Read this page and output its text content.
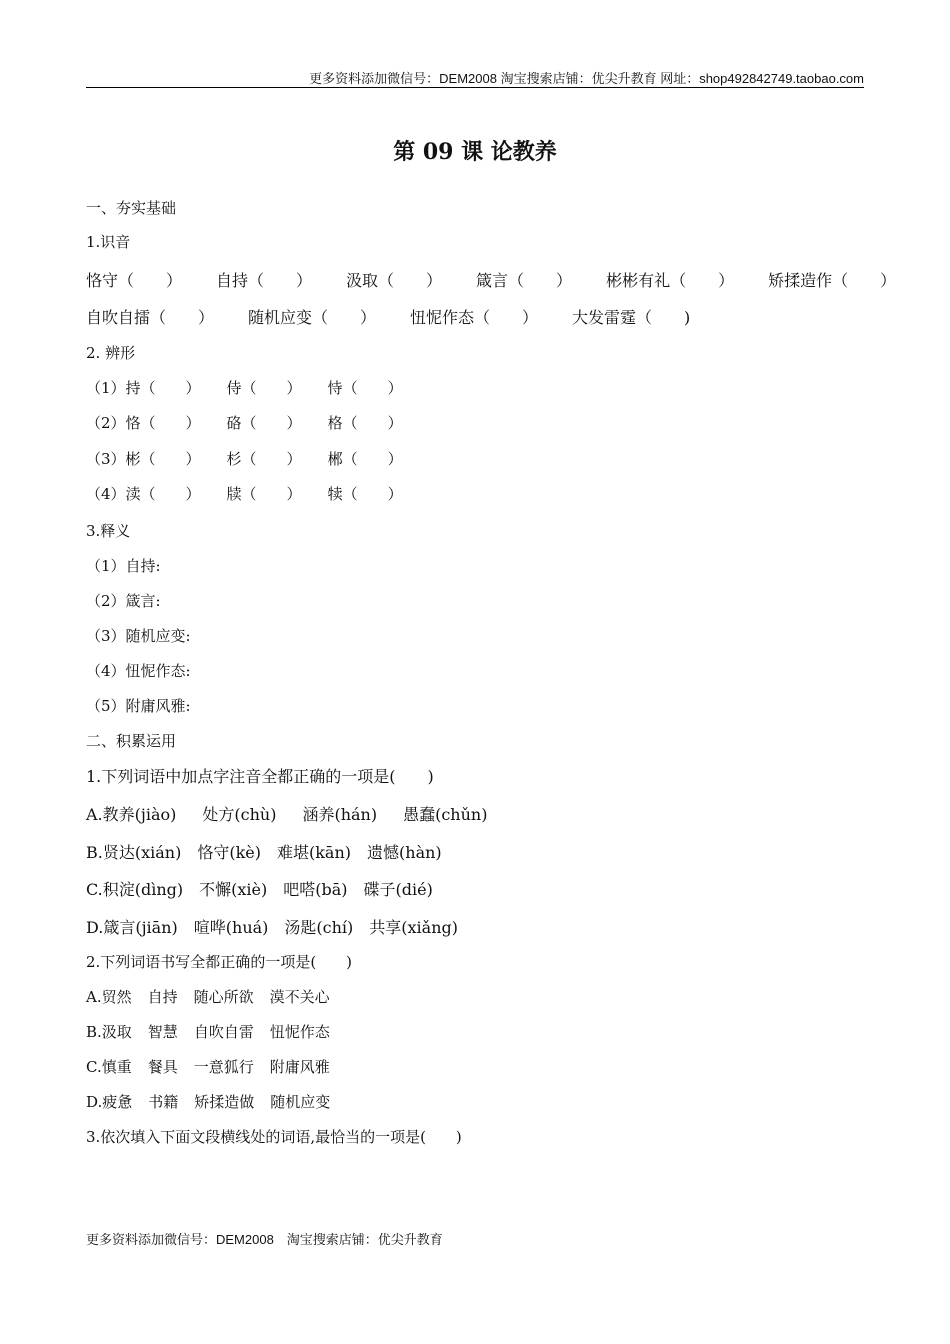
更多资料添加微信号：DEM2008 淘宝搜索店铺：优尖升教育 网址：shop492842749.taobao.com
第 09 课 论教养
一、夯实基础
1.识音
恪守（　　） 自持（　　） 汲取（　　） 箴言（　　） 彬彬有礼（　　） 矫揉造作（　　）
自吹自擂（　　） 随机应变（　　） 忸怩作态（　　） 大发雷霆（　　)
2. 辨形
（1）持（　　） 侍（　　） 恃（　　）
（2）恪（　　） 硌（　　） 格（　　）
（3）彬（　　） 杉（　　） 郴（　　）
（4）渎（　　） 牍（　　） 犊（　　）
3.释义
（1）自持:
（2）箴言:
（3）随机应变:
（4）忸怩作态:
（5）附庸风雅:
二、积累运用
1.下列词语中加点字注音全都正确的一项是(　　)
A.教养(jiào) 处方(chù) 涵养(hán) 愚蠢(chǔn)
B.贤达(xián) 恪守(kè) 难堪(kān) 遗憾(hàn)
C.积淀(dìng) 不懈(xiè) 吧嗒(bā) 碟子(dié)
D.箴言(jiān) 喧哗(huá) 汤匙(chí) 共享(xiǎng)
2.下列词语书写全都正确的一项是(　　)
A.贸然 自持 随心所欲 漠不关心
B.汲取 智慧 自吹自雷 忸怩作态
C.慎重 餐具 一意狐行 附庸风雅
D.疲惫 书籍 矫揉造做 随机应变
3.依次填入下面文段横线处的词语,最恰当的一项是(　　)
更多资料添加微信号：DEM2008　淘宝搜索店铺：优尖升教育
